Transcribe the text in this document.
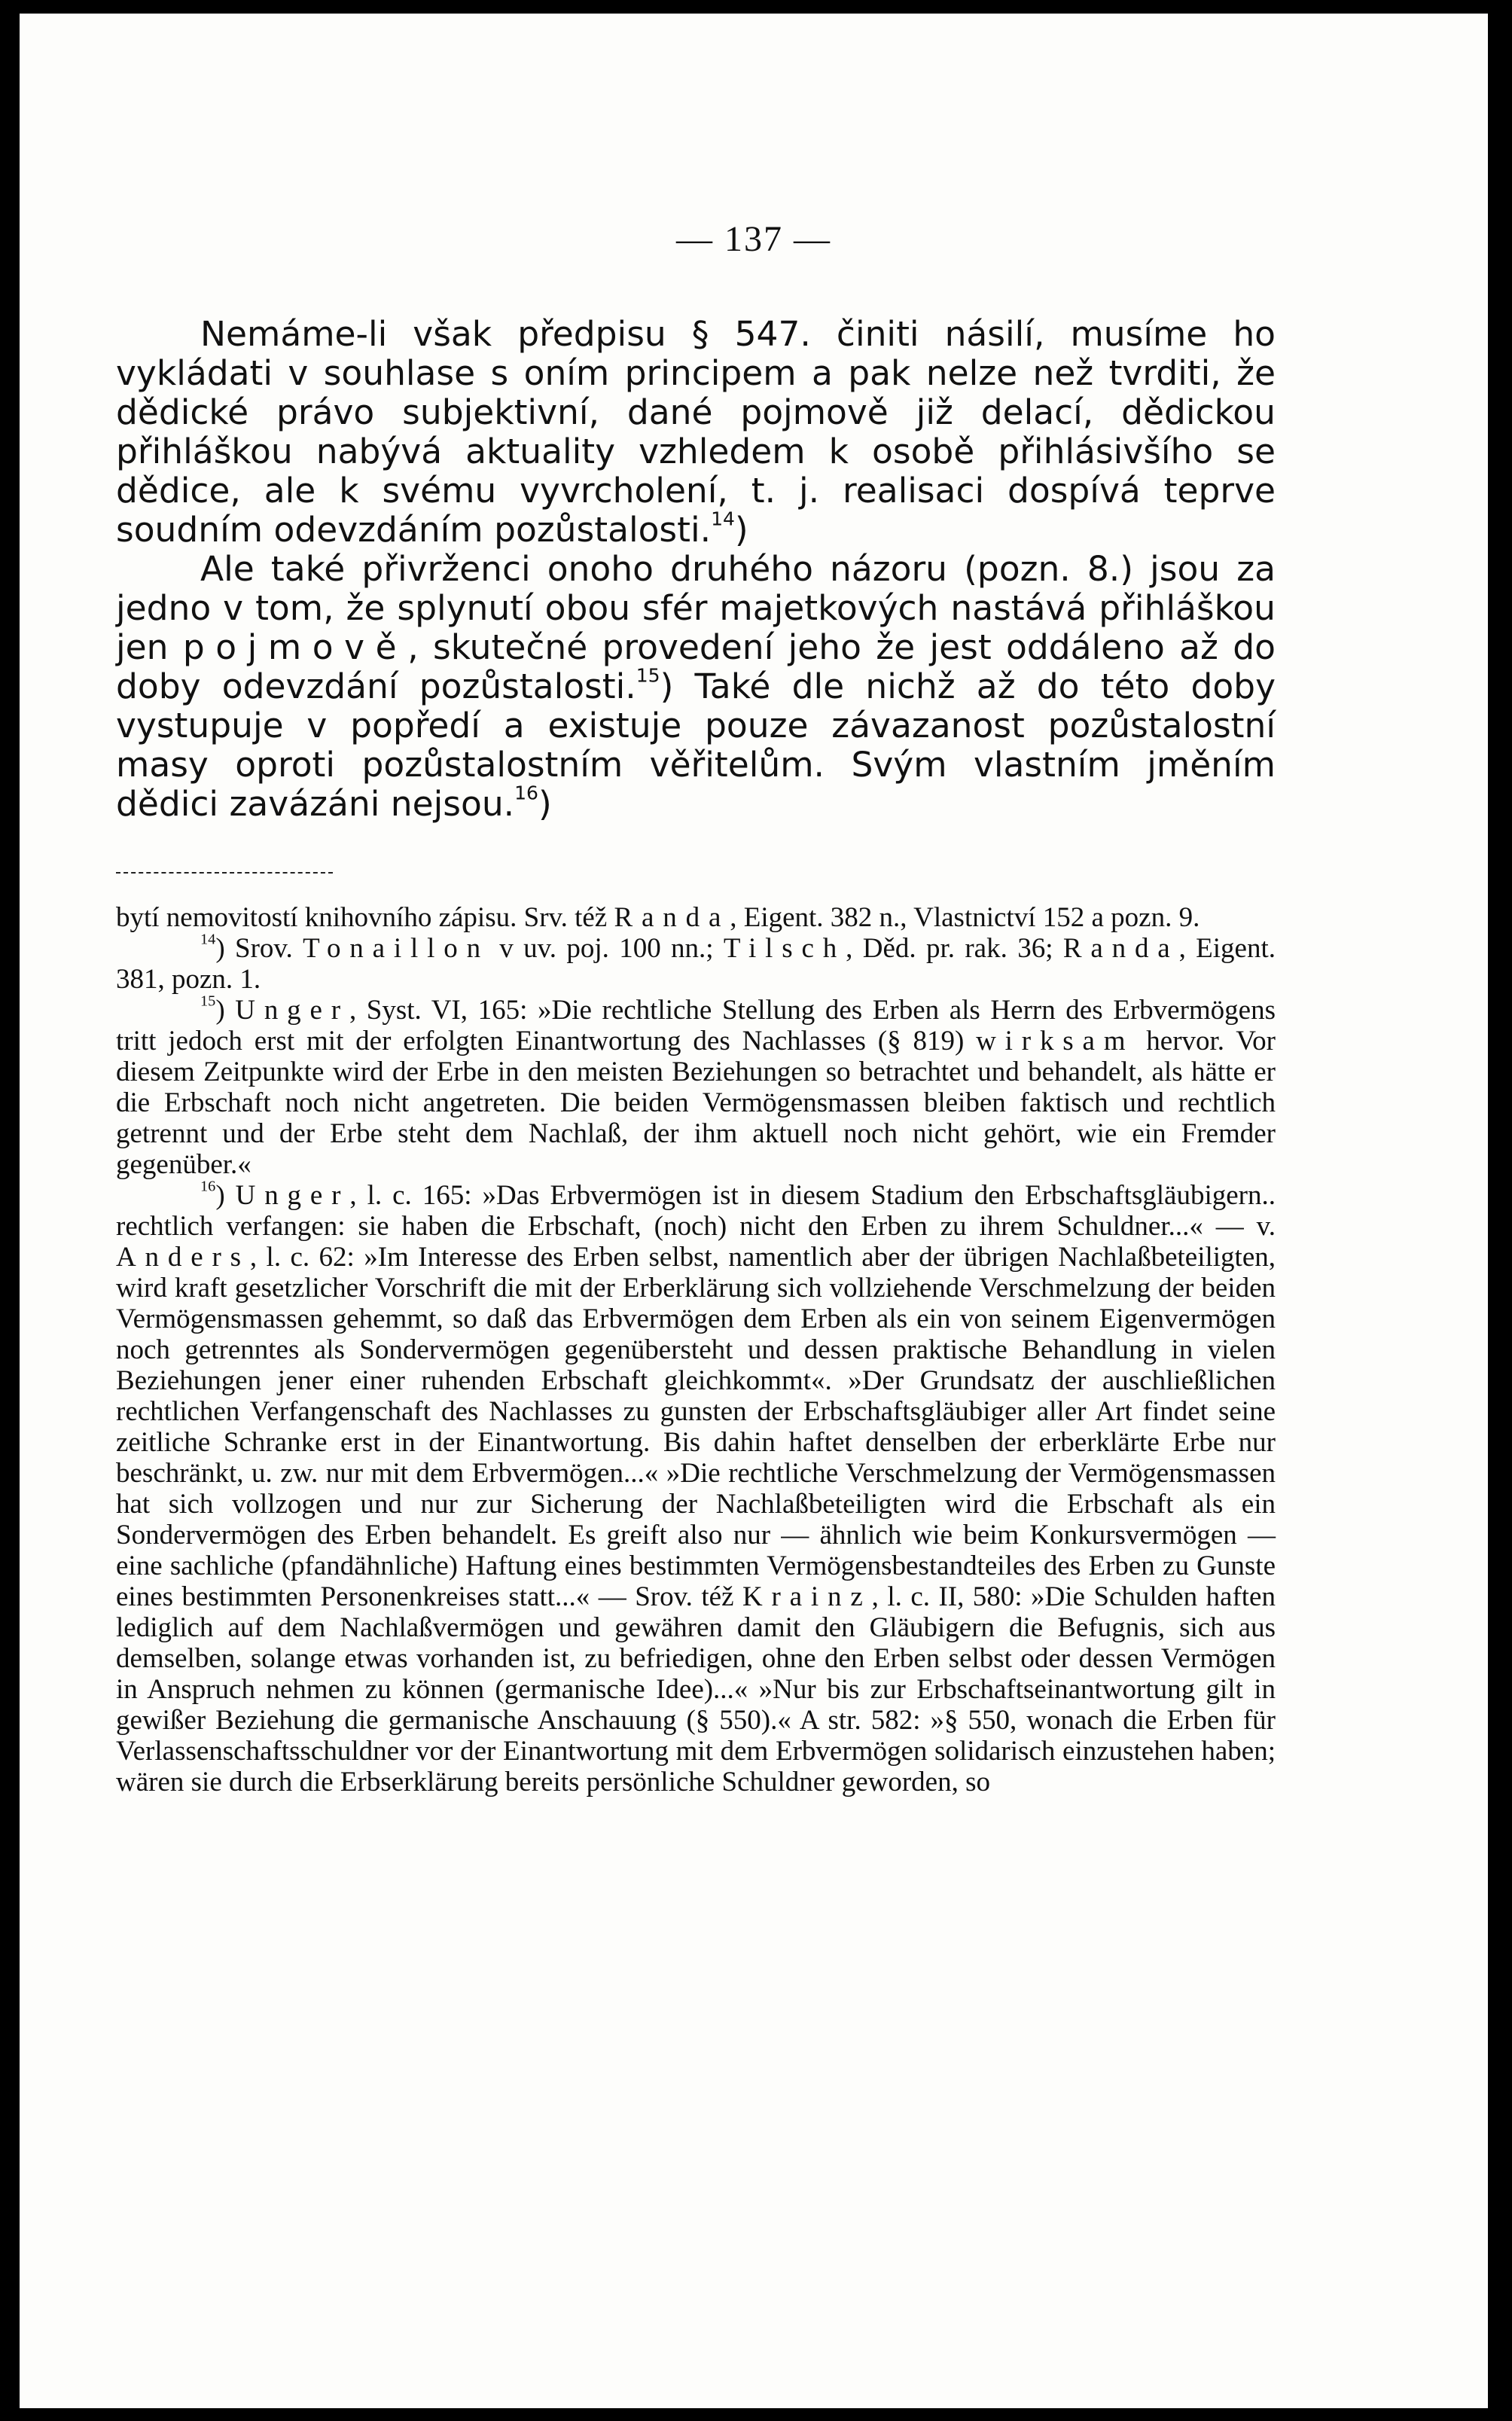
— 137 —

Nemáme-li však předpisu § 547. činiti násilí, musíme ho vykládati v souhlase s oním principem a pak nelze než tvrditi, že dědické právo subjektivní, dané pojmově již delací, dědickou přihláškou nabývá aktuality vzhledem k osobě přihlásivšího se dědice, ale k svému vyvrcholení, t. j. realisaci dospívá teprve soudním odevzdáním pozůstalosti.$^{14}$)

Ale také přivrženci onoho druhého názoru (pozn. 8.) jsou za jedno v tom, že splynutí obou sfér majetkových nastává přihláškou jen pojmově, skutečné provedení jeho že jest oddáleno až do doby odevzdání pozůstalosti.$^{15}$) Také dle nichž až do této doby vystupuje v popředí a existuje pouze závazanost pozůstalostní masy oproti pozůstalostním věřitelům. Svým vlastním jměním dědici zavázáni nejsou.$^{16}$)

bytí nemovitostí knihovního zápisu. Srv. též Randa, Eigent. 382 n., Vlastnictví 152 a pozn. 9.

$^{14}$) Srov. Tonaillon v uv. poj. 100 nn.; Tilsch, Děd. pr. rak. 36; Randa, Eigent. 381, pozn. 1.

$^{15}$) Unger, Syst. VI, 165: »Die rechtliche Stellung des Erben als Herrn des Erbvermögens tritt jedoch erst mit der erfolgten Einantwortung des Nachlasses (§ 819) wirksam hervor. Vor diesem Zeitpunkte wird der Erbe in den meisten Beziehungen so betrachtet und behandelt, als hätte er die Erbschaft noch nicht angetreten. Die beiden Vermögensmassen bleiben faktisch und rechtlich getrennt und der Erbe steht dem Nachlaß, der ihm aktuell noch nicht gehört, wie ein Fremder gegenüber.«

$^{16}$) Unger, l. c. 165: »Das Erbvermögen ist in diesem Stadium den Erbschaftsgläubigern.. rechtlich verfangen: sie haben die Erbschaft, (noch) nicht den Erben zu ihrem Schuldner...« — v. Anders, l. c. 62: »Im Interesse des Erben selbst, namentlich aber der übrigen Nachlaßbeteiligten, wird kraft gesetzlicher Vorschrift die mit der Erberklärung sich vollziehende Verschmelzung der beiden Vermögensmassen gehemmt, so daß das Erbvermögen dem Erben als ein von seinem Eigenvermögen noch getrenntes als Sondervermögen gegenübersteht und dessen praktische Behandlung in vielen Beziehungen jener einer ruhenden Erbschaft gleichkommt«. »Der Grundsatz der auschließlichen rechtlichen Verfangenschaft des Nachlasses zu gunsten der Erbschaftsgläubiger aller Art findet seine zeitliche Schranke erst in der Einantwortung. Bis dahin haftet denselben der erberklärte Erbe nur beschränkt, u. zw. nur mit dem Erbvermögen...« »Die rechtliche Verschmelzung der Vermögensmassen hat sich vollzogen und nur zur Sicherung der Nachlaßbeteiligten wird die Erbschaft als ein Sondervermögen des Erben behandelt. Es greift also nur — ähnlich wie beim Konkursvermögen — eine sachliche (pfandähnliche) Haftung eines bestimmten Vermögensbestandteiles des Erben zu Gunste eines bestimmten Personenkreises statt...« — Srov. též Krainz, l. c. II, 580: »Die Schulden haften lediglich auf dem Nachlaßvermögen und gewähren damit den Gläubigern die Befugnis, sich aus demselben, solange etwas vorhanden ist, zu befriedigen, ohne den Erben selbst oder dessen Vermögen in Anspruch nehmen zu können (germanische Idee)...« »Nur bis zur Erbschaftseinantwortung gilt in gewißer Beziehung die germanische Anschauung (§ 550).« A str. 582: »§ 550, wonach die Erben für Verlassenschaftsschuldner vor der Einantwortung mit dem Erbvermögen solidarisch einzustehen haben; wären sie durch die Erbserklärung bereits persönliche Schuldner geworden, so
